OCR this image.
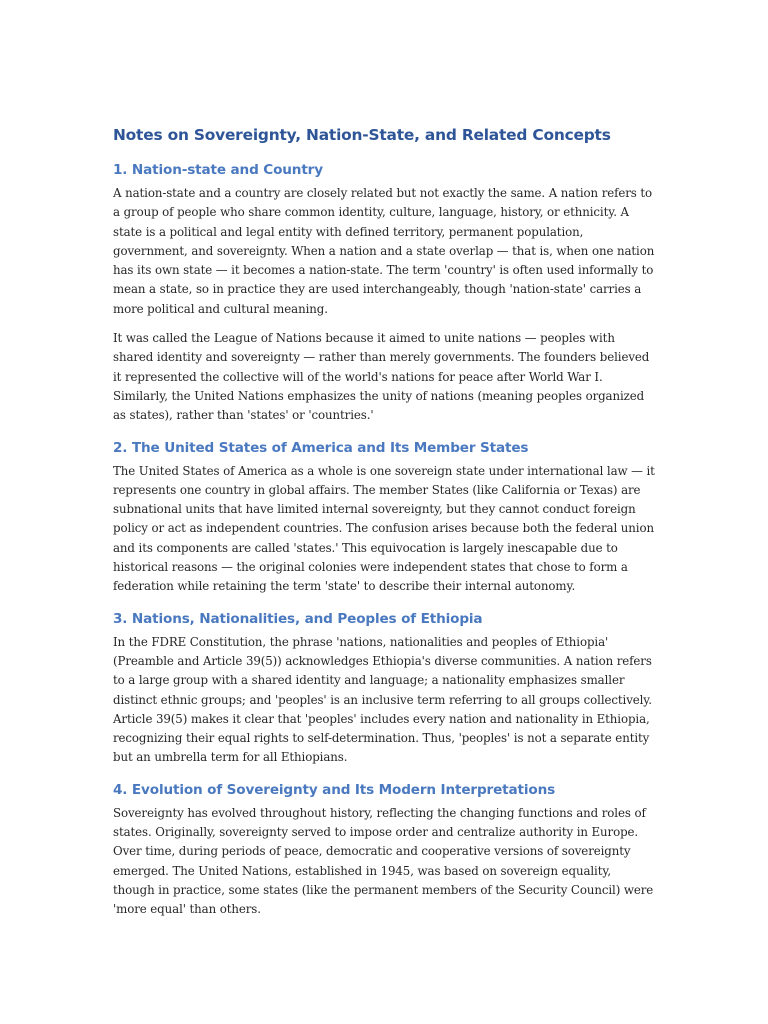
Notes on Sovereignty, Nation-State, and Related Concepts
1. Nation-state and Country

A nation-state and a country are closely related but not exactly the same. A nation refers to a group of people who share common identity, culture, language, history, or ethnicity. A state is a political and legal entity with defined territory, permanent population, government, and sovereignty. When a nation and a state overlap — that is, when one nation has its own state — it becomes a nation-state. The term 'country' is often used informally to mean a state, so in practice they are used interchangeably, though 'nation-state' carries a more political and cultural meaning.

It was called the League of Nations because it aimed to unite nations — peoples with shared identity and sovereignty — rather than merely governments. The founders believed it represented the collective will of the world's nations for peace after World War I. Similarly, the United Nations emphasizes the unity of nations (meaning peoples organized as states), rather than 'states' or 'countries.'

2. The United States of America and Its Member States

The United States of America as a whole is one sovereign state under international law — it represents one country in global affairs. The member States (like California or Texas) are subnational units that have limited internal sovereignty, but they cannot conduct foreign policy or act as independent countries. The confusion arises because both the federal union and its components are called 'states.' This equivocation is largely inescapable due to historical reasons — the original colonies were independent states that chose to form a federation while retaining the term 'state' to describe their internal autonomy.

3. Nations, Nationalities, and Peoples of Ethiopia

In the FDRE Constitution, the phrase 'nations, nationalities and peoples of Ethiopia' (Preamble and Article 39(5)) acknowledges Ethiopia's diverse communities. A nation refers to a large group with a shared identity and language; a nationality emphasizes smaller distinct ethnic groups; and 'peoples' is an inclusive term referring to all groups collectively. Article 39(5) makes it clear that 'peoples' includes every nation and nationality in Ethiopia, recognizing their equal rights to self-determination. Thus, 'peoples' is not a separate entity but an umbrella term for all Ethiopians.

4. Evolution of Sovereignty and Its Modern Interpretations

Sovereignty has evolved throughout history, reflecting the changing functions and roles of states. Originally, sovereignty served to impose order and centralize authority in Europe. Over time, during periods of peace, democratic and cooperative versions of sovereignty emerged. The United Nations, established in 1945, was based on sovereign equality, though in practice, some states (like the permanent members of the Security Council) were 'more equal' than others.
